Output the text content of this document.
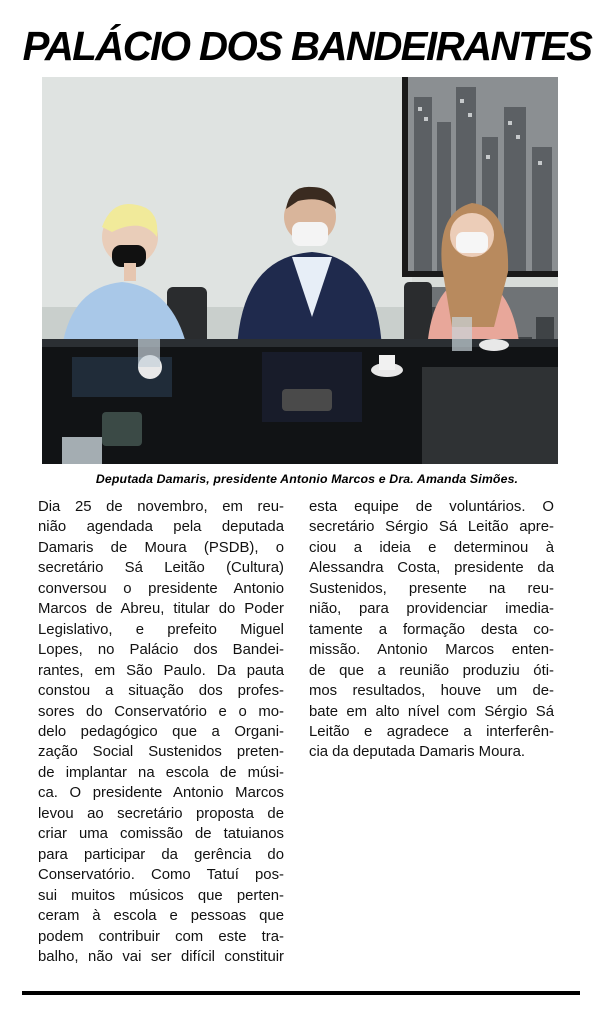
PALÁCIO DOS BANDEIRANTES
Deputada Damaris, presidente Antonio Marcos e Dra. Amanda Simões.
Dia 25 de novembro, em reu-
nião agendada pela deputada
Damaris de Moura (PSDB), o
secretário Sá Leitão (Cultura)
conversou o presidente Antonio
Marcos de Abreu, titular do Poder
Legislativo, e prefeito Miguel
Lopes, no Palácio dos Bandei-
rantes, em São Paulo. Da pauta
constou a situação dos profes-
sores do Conservatório e o mo-
delo pedagógico que a Organi-
zação Social Sustenidos preten-
de implantar na escola de músi-
ca. O presidente Antonio Marcos
levou ao secretário proposta de
criar uma comissão de tatuianos
para participar da gerência do
Conservatório. Como Tatuí pos-
sui muitos músicos que perten-
ceram à escola e pessoas que
podem contribuir com este tra-
balho, não vai ser difícil constituir
esta equipe de voluntários. O
secretário Sérgio Sá Leitão apre-
ciou a ideia e determinou à
Alessandra Costa, presidente da
Sustenidos, presente na reu-
nião, para providenciar imedia-
tamente a formação desta co-
missão. Antonio Marcos enten-
de que a reunião produziu óti-
mos resultados, houve um de-
bate em alto nível com Sérgio Sá
Leitão e agradece a interferên-
cia da deputada Damaris Moura.
